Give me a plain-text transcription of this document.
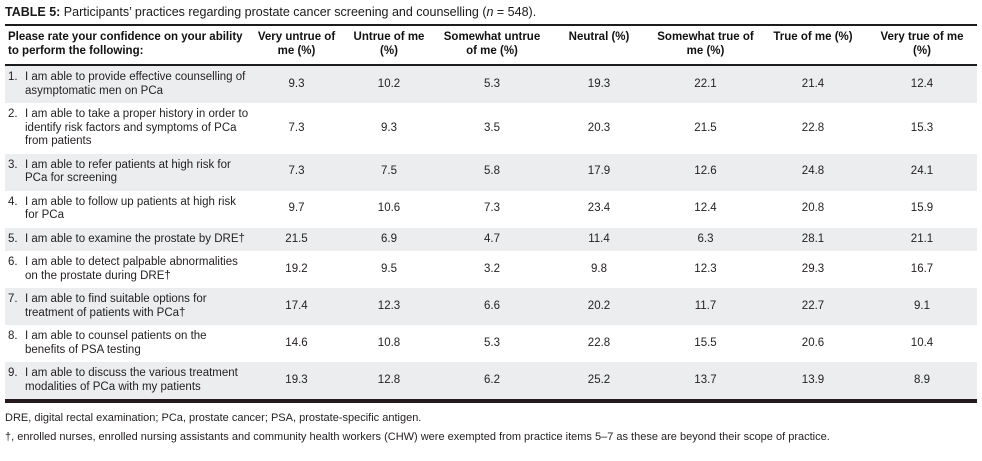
TABLE 5: Participants’ practices regarding prostate cancer screening and counselling (n = 548).
Please rate your confidence on your ability to perform the following:	Very untrue of me (%)	Untrue of me (%)	Somewhat untrue of me (%)	Neutral (%)	Somewhat true of me (%)	True of me (%)	Very true of me (%)

1. I am able to provide effective counselling of asymptomatic men on PCa
9.3	10.2	5.3	19.3	22.1	21.4	12.4

2. I am able to take a proper history in order to identify risk factors and symptoms of PCa from patients
7.3	9.3	3.5	20.3	21.5	22.8	15.3

3. I am able to refer patients at high risk for PCa for screening
7.3	7.5	5.8	17.9	12.6	24.8	24.1

4. I am able to follow up patients at high risk for PCa
9.7	10.6	7.3	23.4	12.4	20.8	15.9

5. I am able to examine the prostate by DRE†	21.5	6.9	4.7	11.4	6.3	28.1	21.1

6. I am able to detect palpable abnormalities on the prostate during DRE†
19.2	9.5	3.2	9.8	12.3	29.3	16.7

7. I am able to find suitable options for treatment of patients with PCa†
17.4	12.3	6.6	20.2	11.7	22.7	9.1

8. I am able to counsel patients on the benefits of PSA testing
14.6	10.8	5.3	22.8	15.5	20.6	10.4

9. I am able to discuss the various treatment modalities of PCa with my patients
19.3	12.8	6.2	25.2	13.7	13.9	8.9

DRE, digital rectal examination; PCa, prostate cancer; PSA, prostate-specific antigen.

†, enrolled nurses, enrolled nursing assistants and community health workers (CHW) were exempted from practice items 5–7 as these are beyond their scope of practice.
